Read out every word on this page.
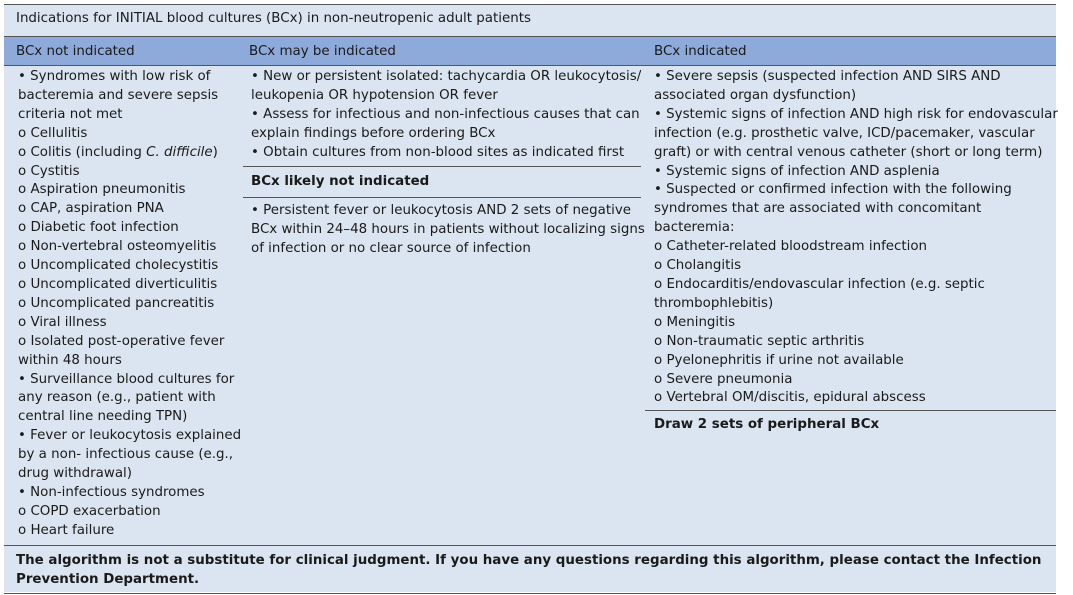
Indications for INITIAL blood cultures (BCx) in non-neutropenic adult patients
BCx not indicated	BCx may be indicated	BCx indicated
• Syndromes with low risk of
bacteremia and severe sepsis
criteria not met
o Cellulitis
o Colitis (including C. difficile)
o Cystitis
o Aspiration pneumonitis
o CAP, aspiration PNA
o Diabetic foot infection
o Non-vertebral osteomyelitis
o Uncomplicated cholecystitis
o Uncomplicated diverticulitis
o Uncomplicated pancreatitis
o Viral illness
o Isolated post-operative fever
within 48 hours
• Surveillance blood cultures for
any reason (e.g., patient with
central line needing TPN)
• Fever or leukocytosis explained
by a non- infectious cause (e.g.,
drug withdrawal)
• Non-infectious syndromes
o COPD exacerbation
o Heart failure
• New or persistent isolated: tachycardia OR leukocytosis/
leukopenia OR hypotension OR fever
• Assess for infectious and non-infectious causes that can
explain findings before ordering BCx
• Obtain cultures from non-blood sites as indicated first
BCx likely not indicated
• Persistent fever or leukocytosis AND 2 sets of negative
BCx within 24–48 hours in patients without localizing signs
of infection or no clear source of infection
• Severe sepsis (suspected infection AND SIRS AND
associated organ dysfunction)
• Systemic signs of infection AND high risk for endovascular
infection (e.g. prosthetic valve, ICD/pacemaker, vascular
graft) or with central venous catheter (short or long term)
• Systemic signs of infection AND asplenia
• Suspected or confirmed infection with the following
syndromes that are associated with concomitant
bacteremia:
o Catheter-related bloodstream infection
o Cholangitis
o Endocarditis/endovascular infection (e.g. septic
thrombophlebitis)
o Meningitis
o Non-traumatic septic arthritis
o Pyelonephritis if urine not available
o Severe pneumonia
o Vertebral OM/discitis, epidural abscess
Draw 2 sets of peripheral BCx
The algorithm is not a substitute for clinical judgment. If you have any questions regarding this algorithm, please contact the Infection Prevention Department.
